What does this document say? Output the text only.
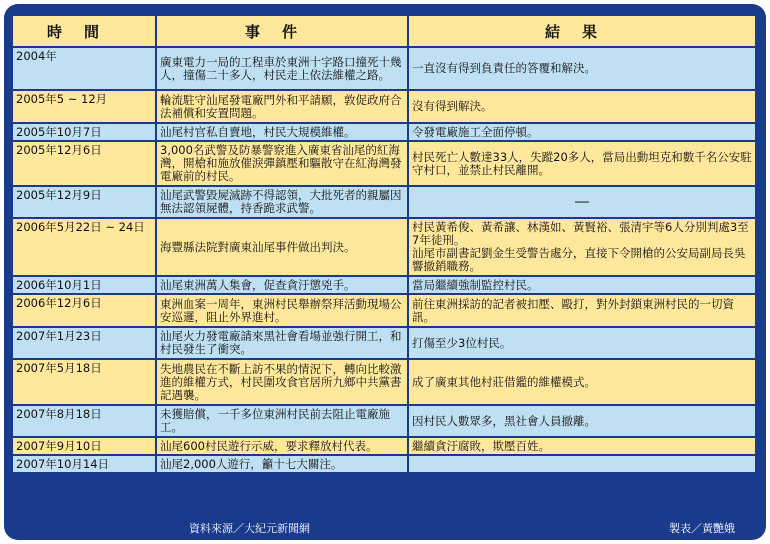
時間	事件	結果
2004年	廣東電力一局的工程車於東洲十字路口撞死十幾人，撞傷二十多人，村民走上依法維權之路。	一直沒有得到負責任的答覆和解決。
2005年5 ~ 12月	輪流駐守汕尾發電廠門外和平請願，敦促政府合法補償和安置問題。	沒有得到解決。
2005年10月7日	汕尾村官私自賣地，村民大規模維權。	令發電廠施工全面停頓。
2005年12月6日	3,000名武警及防暴警察進入廣東省汕尾的紅海灣，開槍和施放催淚彈鎮壓和驅散守在紅海灣發電廠前的村民。	村民死亡人數達33人，失蹤20多人，當局出動坦克和數千名公安駐守村口，並禁止村民離開。
2005年12月9日	汕尾武警毀屍滅跡不得認領，大批死者的親屬因無法認領屍體，持香跪求武警。	──
2006年5月22日 ~ 24日	海豐縣法院對廣東汕尾事件做出判決。	村民黃希俊、黃希讓、林漢如、黃賢裕、張清宇等6人分別判處3至7年徒刑。
汕尾市副書記劉金生受警告處分，直接下令開槍的公安局副局長吳響撤銷職務。
2006年10月1日	汕尾東洲萬人集會，促查貪汙懲兇手。	當局繼續強制監控村民。
2006年12月6日	東洲血案一周年，東洲村民舉辦祭拜活動現場公安巡邏，阻止外界進村。	前往東洲採訪的記者被扣壓、毆打，對外封鎖東洲村民的一切資訊。
2007年1月23日	汕尾火力發電廠請來黑社會看場並強行開工，和村民發生了衝突。	打傷至少3位村民。
2007年5月18日	失地農民在不斷上訪不果的情況下，轉向比較激進的維權方式，村民圍攻食官居所九鄉中共黨書記遇襲。	成了廣東其他村莊借鑑的維權模式。
2007年8月18日	未獲賠償，一千多位東洲村民前去阻止電廠施工。	因村民人數眾多，黑社會人員撤離。
2007年9月10日	汕尾600村民遊行示威，要求釋放村代表。	繼續貪汙腐敗，欺壓百姓。
2007年10月14日	汕尾2,000人遊行，籲十七大關注。	
資料來源／大紀元新聞網	製表／黃艷娥
